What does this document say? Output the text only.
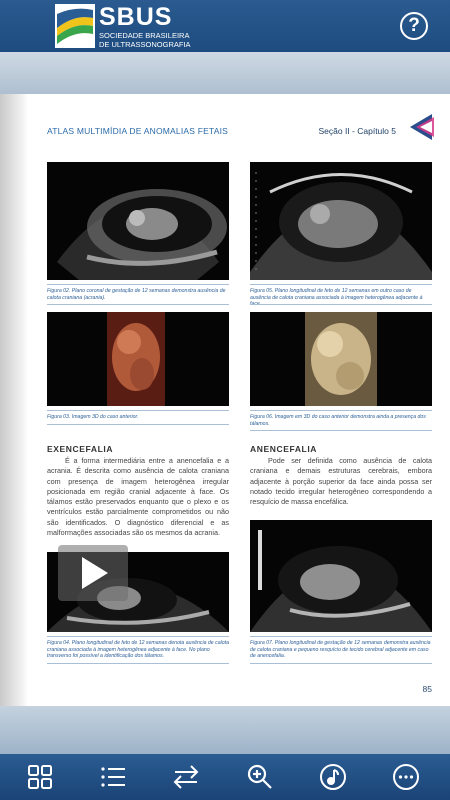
SBUS
SOCIEDADE BRASILEIRA
DE ULTRASSONOGRAFIA
?
ATLAS MULTIMÍDIA DE ANOMALIAS FETAIS	Seção II - Capítulo 5
Figura 02. Plano coronal de gestação de 12 semanas demonstra ausência de calota craniana (acrania).
Figura 05. Plano longitudinal de feto de 12 semanas em outro caso de ausência de calota craniana associada à imagem heterogênea adjacente à face.
Figura 03. Imagem 3D do caso anterior.	Figura 06. Imagem em 3D do caso anterior demonstra ainda a presença dos tálamos.
EXENCEFALIA
É a forma intermediária entre a anencefalia e a acrania. É descrita como ausência de calota craniana com presença de imagem heterogênea irregular posicionada em região cranial adjacente à face. Os tálamos estão preservados enquanto que o plexo e os ventrículos estão parcialmente comprometidos ou não são identificados. O diagnóstico diferencial e as malformações associadas são os mesmos da acrania.
ANENCEFALIA
Pode ser definida como ausência de calota craniana e demais estruturas cerebrais, embora adjacente à porção superior da face ainda possa ser notado tecido irregular heterogêneo correspondendo a resquício de massa encefálica.
Figura 04. Plano longitudinal de feto de 12 semanas denota ausência de calota craniana associada à imagem heterogênea adjacente à face. No plano transverso foi possível a identificação dos tálamos.
Figura 07. Plano longitudinal de gestação de 12 semanas demonstra ausência de calota craniana e pequeno resquício de tecido cerebral adjacente em caso de anencefalia.
85
